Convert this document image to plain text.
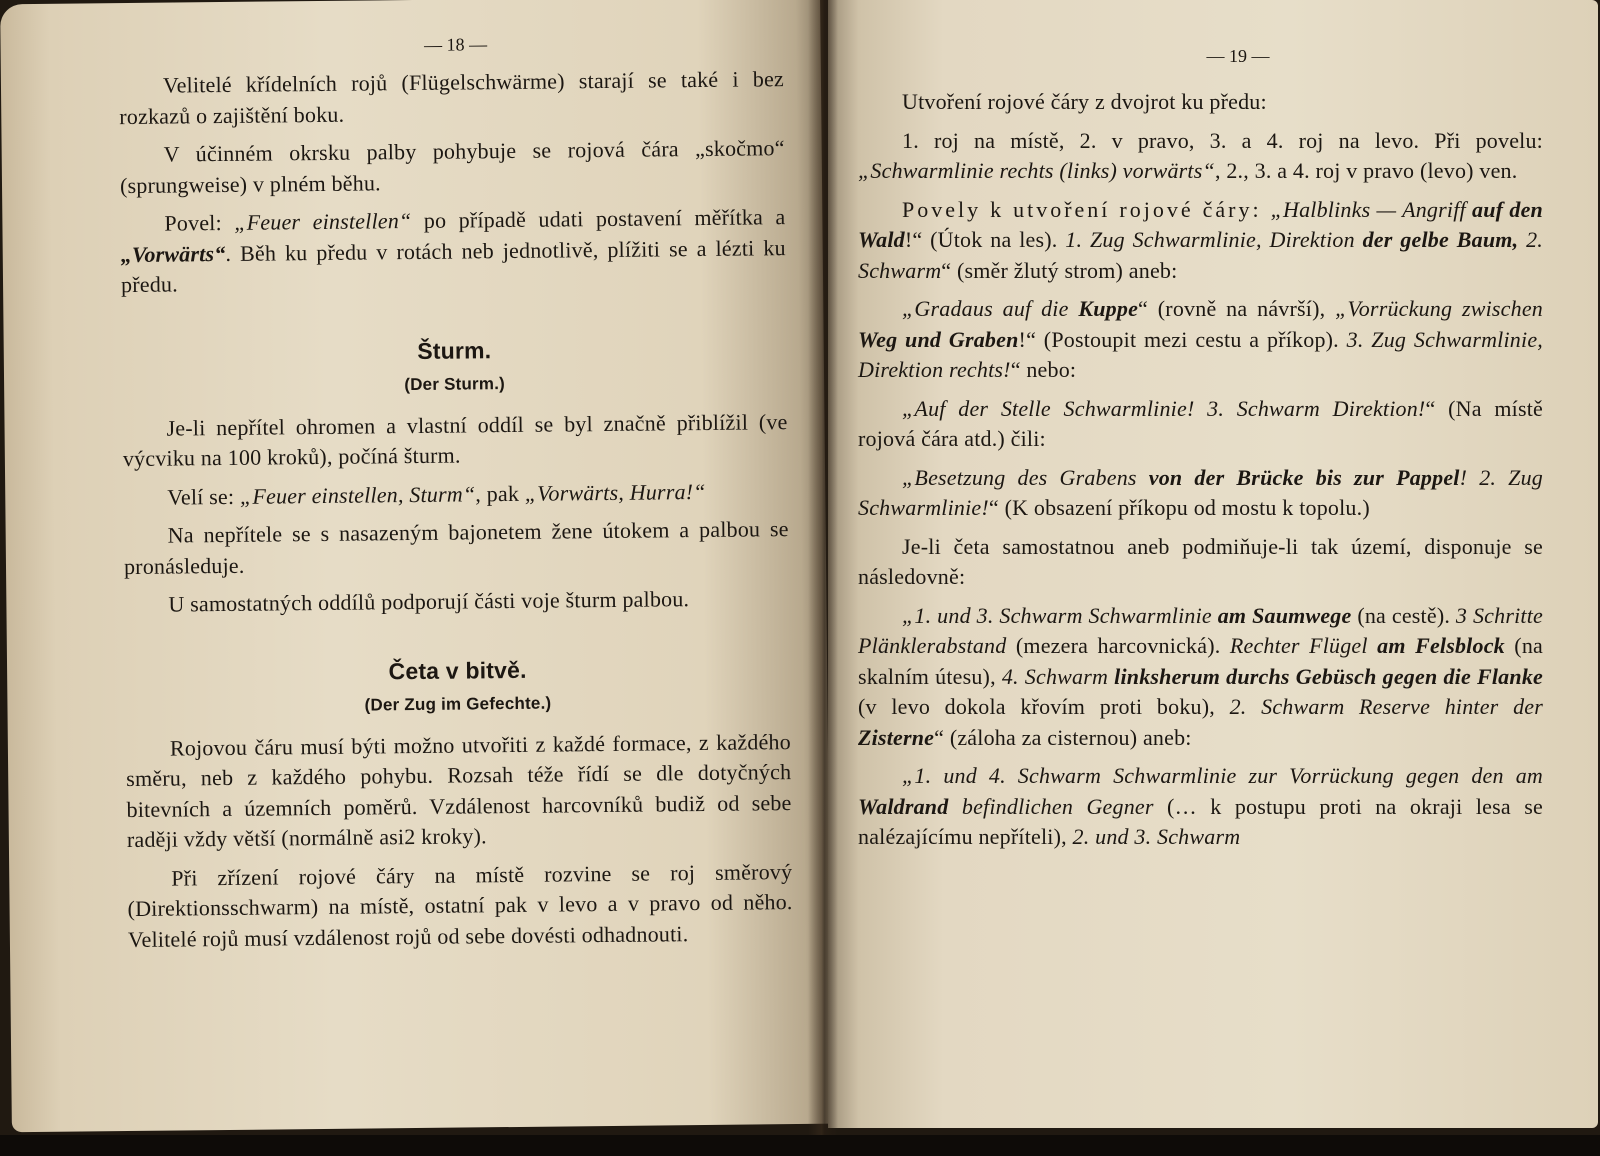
— 18 —

Velitelé křídelních rojů (Flügelschwärme) starají se také i bez rozkazů o zajištění boku.

V účinném okrsku palby pohybuje se rojová čára „skočmo“ (sprungweise) v plném běhu.

Povel: „Feuer einstellen“ po případě udati postavení měřítka a „Vorwärts“. Běh ku předu v rotách neb jednotlivě, plížiti se a lézti ku předu.

Šturm.
(Der Sturm.)

Je-li nepřítel ohromen a vlastní oddíl se byl značně přiblížil (ve výcviku na 100 kroků), počíná šturm.

Velí se: „Feuer einstellen, Sturm“, pak „Vorwärts, Hurra!“

Na nepřítele se s nasazeným bajonetem žene útokem a palbou se pronásleduje.

U samostatných oddílů podporují části voje šturm palbou.

Četa v bitvě.
(Der Zug im Gefechte.)

Rojovou čáru musí býti možno utvořiti z každé formace, z každého směru, neb z každého pohybu. Rozsah téže řídí se dle dotyčných bitevních a územních poměrů. Vzdálenost harcovníků budiž od sebe raději vždy větší (normálně asi2 kroky).

Při zřízení rojové čáry na místě rozvine se roj směrový (Direktionsschwarm) na místě, ostatní pak v levo a v pravo od něho. Velitelé rojů musí vzdálenost rojů od sebe dovésti odhadnouti.

— 19 —

Utvoření rojové čáry z dvojrot ku předu:

1. roj na místě, 2. v pravo, 3. a 4. roj na levo. Při povelu: „Schwarmlinie rechts (links) vorwärts“, 2., 3. a 4. roj v pravo (levo) ven.

Povely k utvoření rojové čáry: „Halblinks — Angriff auf den Wald!“ (Útok na les). 1. Zug Schwarmlinie, Direktion der gelbe Baum, 2. Schwarm“ (směr žlutý strom) aneb:

„Gradaus auf die Kuppe“ (rovně na návrší), „Vorrückung zwischen Weg und Graben!“ (Postoupit mezi cestu a příkop). 3. Zug Schwarmlinie, Direktion rechts!“ nebo:

„Auf der Stelle Schwarmlinie! 3. Schwarm Direktion!“ (Na místě rojová čára atd.) čili:

„Besetzung des Grabens von der Brücke bis zur Pappel! 2. Zug Schwarmlinie!“ (K obsazení příkopu od mostu k topolu.)

Je-li četa samostatnou aneb podmiňuje-li tak území, disponuje se následovně:

„1. und 3. Schwarm Schwarmlinie am Saumwege (na cestě). 3 Schritte Plänklerabstand (mezera harcovnická). Rechter Flügel am Felsblock (na skalním útesu), 4. Schwarm linksherum durchs Gebüsch gegen die Flanke (v levo dokola křovím proti boku), 2. Schwarm Reserve hinter der Zisterne“ (záloha za cisternou) aneb:

„1. und 4. Schwarm Schwarmlinie zur Vorrückung gegen den am Waldrand befindlichen Gegner (… k postupu proti na okraji lesa se nalézajícímu nepříteli), 2. und 3. Schwarm
